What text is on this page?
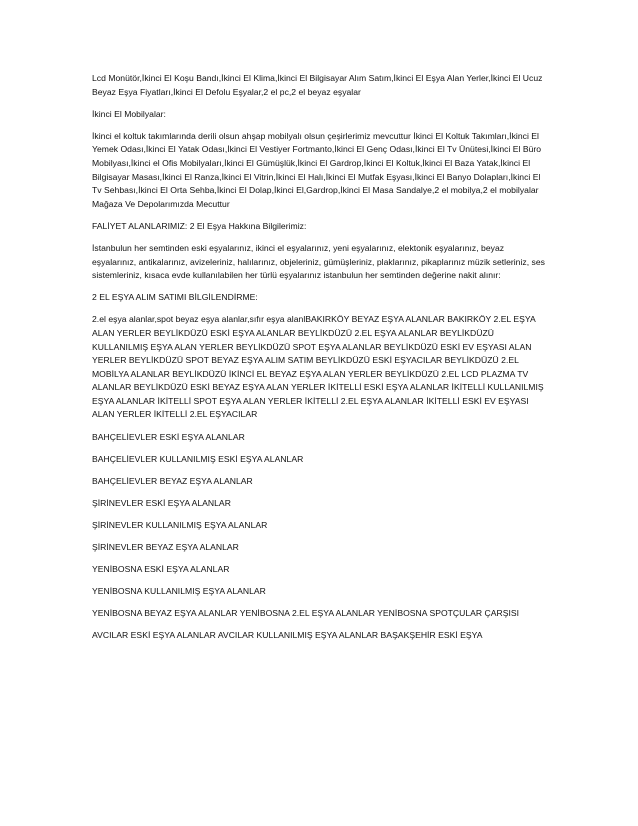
Lcd Monütör,İkinci El Koşu Bandı,İkinci El Klima,İkinci El Bilgisayar Alım Satım,İkinci El Eşya Alan Yerler,İkinci El Ucuz Beyaz Eşya Fiyatları,İkinci El Defolu Eşyalar,2 el pc,2 el beyaz eşyalar

İkinci El Mobilyalar:

İkinci el koltuk takımlarında derili olsun ahşap mobilyalı olsun çeşirlerimiz mevcuttur İkinci El Koltuk Takımları,İkinci El Yemek Odası,İkinci El Yatak Odası,İkinci El Vestiyer Fortmanto,İkinci El Genç Odası,İkinci El Tv Ünütesi,İkinci El Büro Mobilyası,İkinci el Ofis Mobilyaları,İkinci El Gümüşlük,İkinci El Gardrop,İkinci El Koltuk,İkinci El Baza Yatak,İkinci El Bilgisayar Masası,İkinci El Ranza,İkinci El Vitrin,İkinci El Halı,İkinci El Mutfak Eşyası,İkinci El Banyo Dolapları,İkinci El Tv Sehbası,İkinci El Orta Sehba,İkinci El Dolap,İkinci El,Gardrop,İkinci El Masa Sandalye,2 el mobilya,2 el mobilyalar Mağaza Ve Depolarımızda Mecuttur

FALİYET ALANLARIMIZ: 2 El Eşya Hakkına Bilgilerimiz:

İstanbulun her semtinden eski eşyalarınız, ikinci el eşyalarınız, yeni eşyalarınız, elektonik eşyalarınız, beyaz eşyalarınız, antikalarınız, avizeleriniz, halılarınız, objeleriniz, gümüşleriniz, plaklarınız, pikaplarınız müzik setleriniz, ses sistemleriniz, kısaca evde kullanılabilen her türlü eşyalarınız istanbulun her semtinden değerine nakit alınır:

2 EL EŞYA ALIM SATIMI BİLGİLENDİRME:

2.el eşya alanlar,spot beyaz eşya alanlar,sıfır eşya alanlBAKIRKÖY BEYAZ EŞYA ALANLAR BAKIRKÖY 2.EL EŞYA ALAN YERLER BEYLİKDÜZÜ ESKİ EŞYA ALANLAR BEYLİKDÜZÜ 2.EL EŞYA ALANLAR BEYLİKDÜZÜ KULLANILMIŞ EŞYA ALAN YERLER BEYLİKDÜZÜ SPOT EŞYA ALANLAR BEYLİKDÜZÜ ESKİ EV EŞYASI ALAN YERLER BEYLİKDÜZÜ SPOT BEYAZ EŞYA ALIM SATIM BEYLİKDÜZÜ ESKİ EŞYACILAR BEYLİKDÜZÜ 2.EL MOBİLYA ALANLAR BEYLİKDÜZÜ İKİNCİ EL BEYAZ EŞYA ALAN YERLER BEYLİKDÜZÜ 2.EL LCD PLAZMA TV ALANLAR BEYLİKDÜZÜ ESKİ BEYAZ EŞYA ALAN YERLER İKİTELLİ ESKİ EŞYA ALANLAR İKİTELLİ KULLANILMIŞ EŞYA ALANLAR İKİTELLİ SPOT EŞYA ALAN YERLER İKİTELLİ 2.EL EŞYA ALANLAR İKİTELLİ ESKİ EV EŞYASI ALAN YERLER İKİTELLİ 2.EL EŞYACILAR

BAHÇELİEVLER ESKİ EŞYA ALANLAR

BAHÇELİEVLER KULLANILMIŞ ESKİ EŞYA ALANLAR

BAHÇELİEVLER BEYAZ EŞYA ALANLAR

ŞİRİNEVLER ESKİ EŞYA ALANLAR

ŞİRİNEVLER KULLANILMIŞ EŞYA ALANLAR

ŞİRİNEVLER BEYAZ EŞYA ALANLAR

YENİBOSNA ESKİ EŞYA ALANLAR

YENİBOSNA KULLANILMIŞ EŞYA ALANLAR

YENİBOSNA BEYAZ EŞYA ALANLAR YENİBOSNA 2.EL EŞYA ALANLAR YENİBOSNA SPOTÇULAR ÇARŞISI

AVCILAR ESKİ EŞYA ALANLAR AVCILAR KULLANILMIŞ EŞYA ALANLAR BAŞAKŞEHİR ESKİ EŞYA
